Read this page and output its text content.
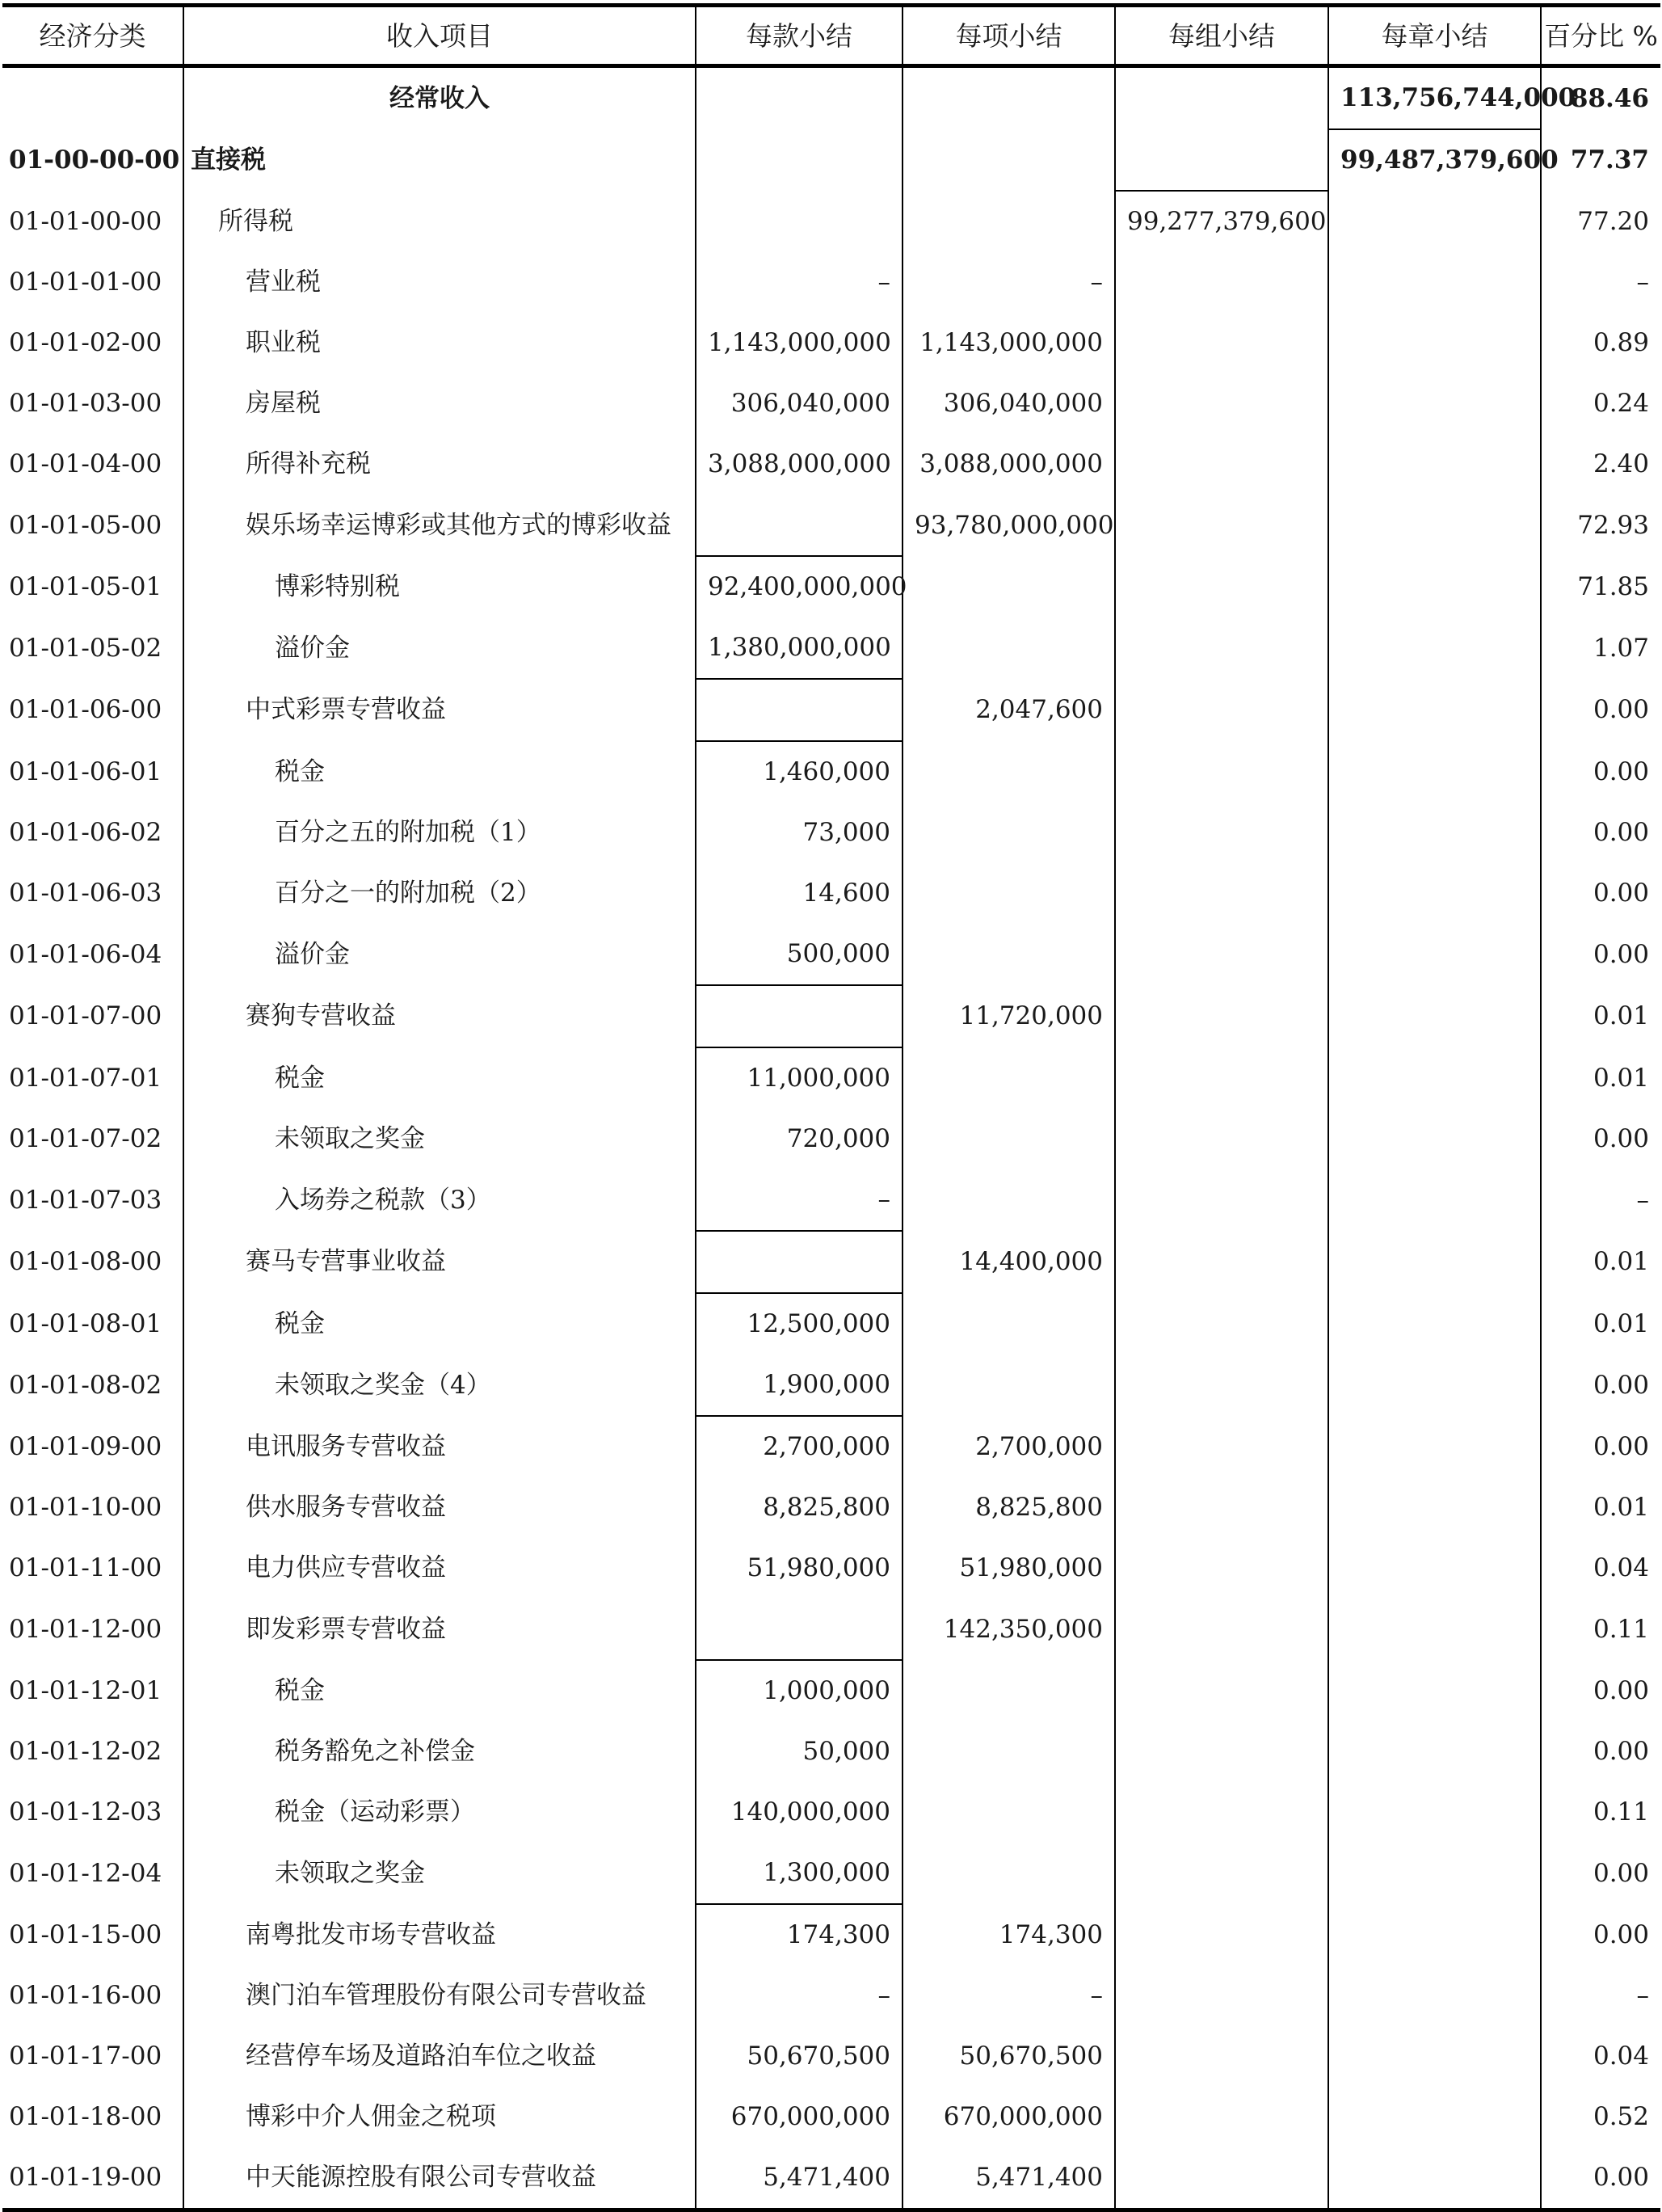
经济分类	收入项目	每款小结	每项小结	每组小结	每章小结	百分比 %
	经常收入				113,756,744,000	88.46
01-00-00-00	直接税				99,487,379,600	77.37
01-01-00-00	所得税			99,277,379,600		77.20
01-01-01-00	营业税	–	–			–
01-01-02-00	职业税	1,143,000,000	1,143,000,000			0.89
01-01-03-00	房屋税	306,040,000	306,040,000			0.24
01-01-04-00	所得补充税	3,088,000,000	3,088,000,000			2.40
01-01-05-00	娱乐场幸运博彩或其他方式的博彩收益		93,780,000,000			72.93
01-01-05-01	博彩特别税	92,400,000,000				71.85
01-01-05-02	溢价金	1,380,000,000				1.07
01-01-06-00	中式彩票专营收益		2,047,600			0.00
01-01-06-01	税金	1,460,000				0.00
01-01-06-02	百分之五的附加税（1）	73,000				0.00
01-01-06-03	百分之一的附加税（2）	14,600				0.00
01-01-06-04	溢价金	500,000				0.00
01-01-07-00	赛狗专营收益		11,720,000			0.01
01-01-07-01	税金	11,000,000				0.01
01-01-07-02	未领取之奖金	720,000				0.00
01-01-07-03	入场券之税款（3）	–				–
01-01-08-00	赛马专营事业收益		14,400,000			0.01
01-01-08-01	税金	12,500,000				0.01
01-01-08-02	未领取之奖金（4）	1,900,000				0.00
01-01-09-00	电讯服务专营收益	2,700,000	2,700,000			0.00
01-01-10-00	供水服务专营收益	8,825,800	8,825,800			0.01
01-01-11-00	电力供应专营收益	51,980,000	51,980,000			0.04
01-01-12-00	即发彩票专营收益		142,350,000			0.11
01-01-12-01	税金	1,000,000				0.00
01-01-12-02	税务豁免之补偿金	50,000				0.00
01-01-12-03	税金（运动彩票）	140,000,000				0.11
01-01-12-04	未领取之奖金	1,300,000				0.00
01-01-15-00	南粤批发市场专营收益	174,300	174,300			0.00
01-01-16-00	澳门泊车管理股份有限公司专营收益	–	–			–
01-01-17-00	经营停车场及道路泊车位之收益	50,670,500	50,670,500			0.04
01-01-18-00	博彩中介人佣金之税项	670,000,000	670,000,000			0.52
01-01-19-00	中天能源控股有限公司专营收益	5,471,400	5,471,400			0.00
